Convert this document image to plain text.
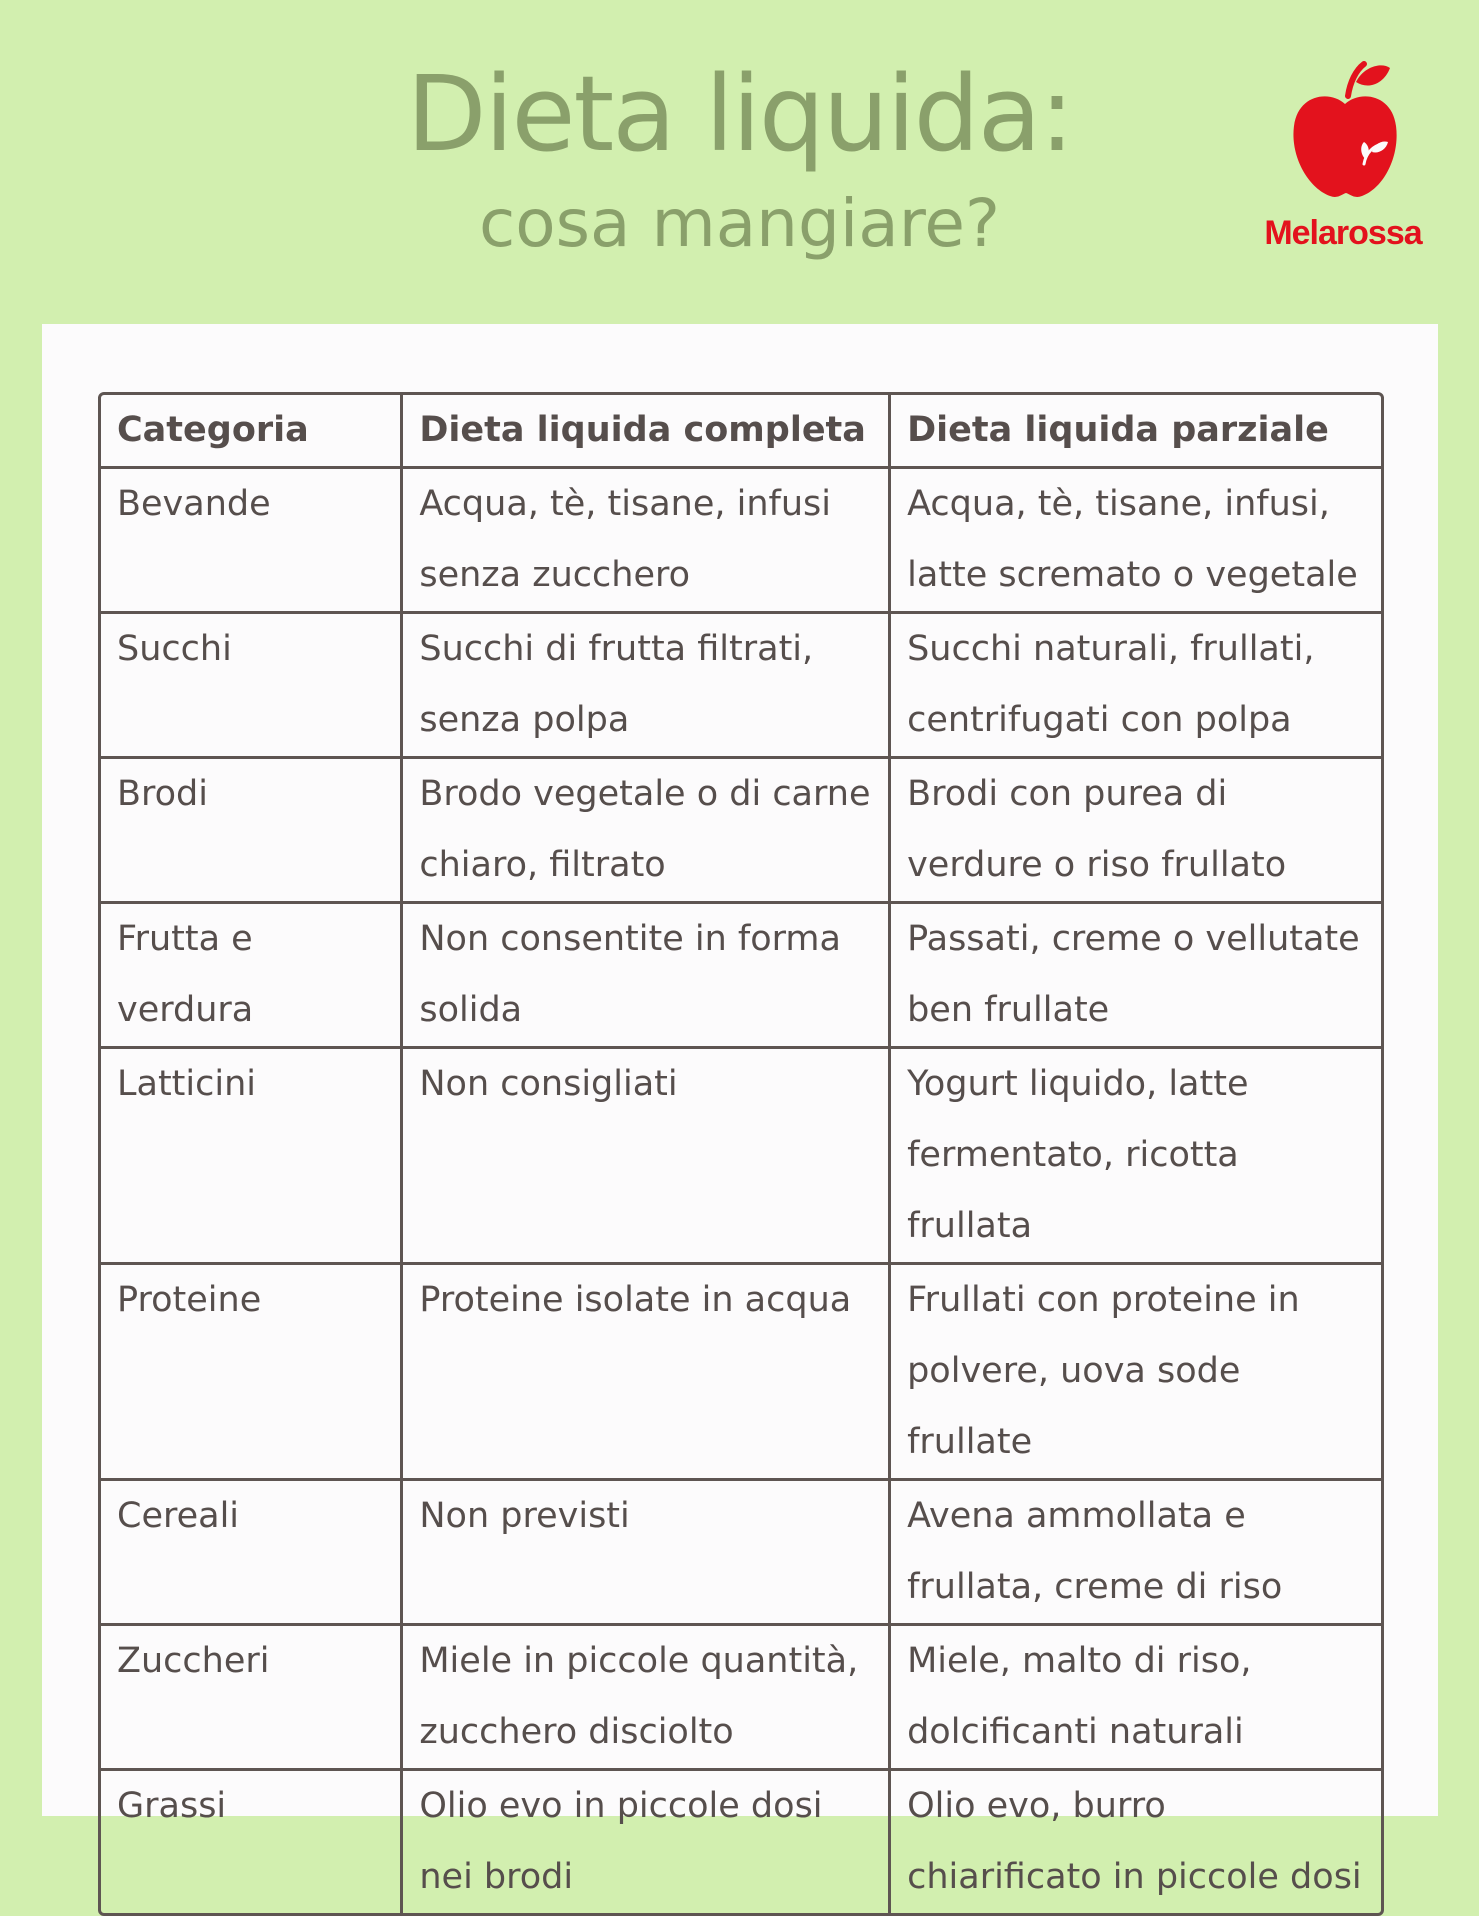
Dieta liquida:
cosa mangiare?	Melarossa
Categoria	Dieta liquida completa	Dieta liquida parziale
Bevande	Acqua, tè, tisane, infusi senza zucchero	Acqua, tè, tisane, infusi, latte scremato o vegetale
Succhi	Succhi di frutta filtrati, senza polpa	Succhi naturali, frullati, centrifugati con polpa
Brodi	Brodo vegetale o di carne chiaro, filtrato	Brodi con purea di verdure o riso frullato
Frutta e verdura	Non consentite in forma solida	Passati, creme o vellutate ben frullate
Latticini	Non consigliati	Yogurt liquido, latte fermentato, ricotta frullata
Proteine	Proteine isolate in acqua	Frullati con proteine in polvere, uova sode frullate
Cereali	Non previsti	Avena ammollata e frullata, creme di riso
Zuccheri	Miele in piccole quantità, zucchero disciolto	Miele, malto di riso, dolcificanti naturali
Grassi	Olio evo in piccole dosi nei brodi	Olio evo, burro chiarificato in piccole dosi
